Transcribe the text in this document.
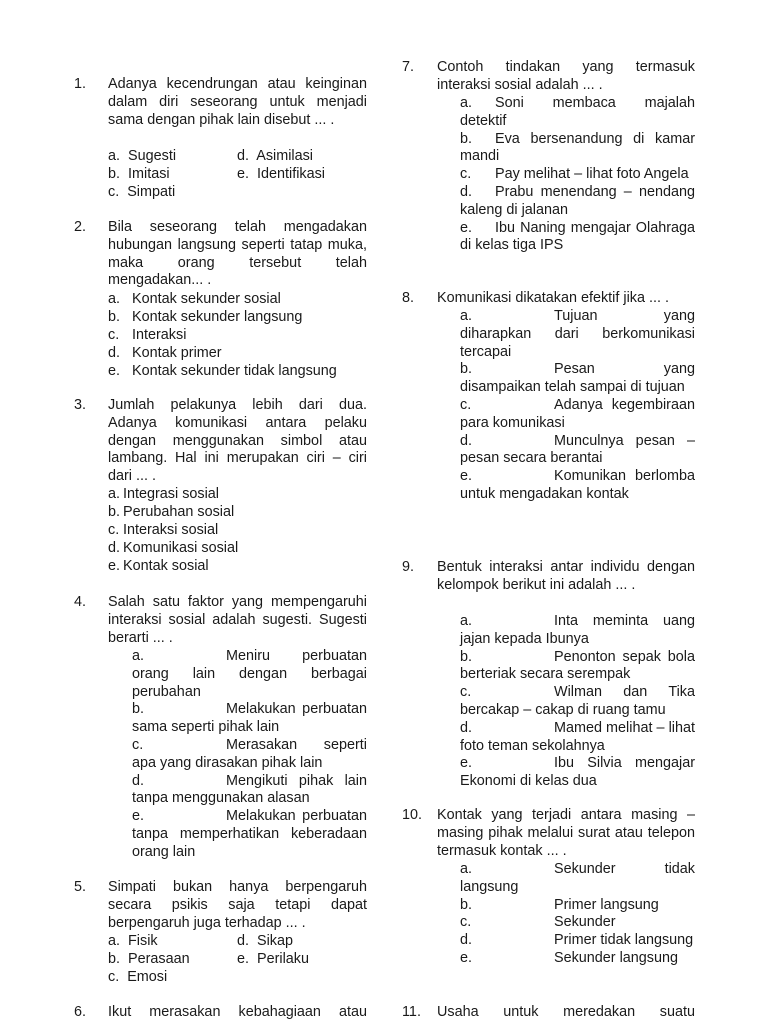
1. Adanya kecendrungan atau keinginan dalam diri seseorang untuk menjadi sama dengan pihak lain disebut ... .
a. Sugesti
b. Imitasi
c. Simpati
d. Asimilasi
e. Identifikasi
2. Bila seseorang telah mengadakan hubungan langsung seperti tatap muka, maka orang tersebut telah mengadakan... .
a. Kontak sekunder sosial
b. Kontak sekunder langsung
c. Interaksi
d. Kontak primer
e. Kontak sekunder tidak langsung
3. Jumlah pelakunya lebih dari dua. Adanya komunikasi antara pelaku dengan menggunakan simbol atau lambang. Hal ini merupakan ciri – ciri dari ... .
a. Integrasi sosial
b. Perubahan sosial
c. Interaksi sosial
d. Komunikasi sosial
e. Kontak sosial
4. Salah satu faktor yang mempengaruhi interaksi sosial adalah sugesti. Sugesti berarti ... .
a.	Meniru perbuatan orang lain dengan berbagai perubahan
b.	Melakukan perbuatan sama seperti pihak lain
c.	Merasakan seperti apa yang dirasakan pihak lain
d.	Mengikuti pihak lain tanpa menggunakan alasan
e.	Melakukan perbuatan tanpa memperhatikan keberadaan orang lain
5. Simpati bukan hanya berpengaruh secara psikis saja tetapi dapat berpengaruh juga terhadap ... .
a. Fisik
b. Perasaan
c. Emosi
d. Sikap
e. Perilaku
6. Ikut merasakan kebahagiaan atau
7. Contoh tindakan yang termasuk interaksi sosial adalah ... .
a. Soni membaca majalah detektif
b. Eva bersenandung di kamar mandi
c. Pay melihat – lihat foto Angela
d. Prabu menendang – nendang kaleng di jalanan
e. Ibu Naning mengajar Olahraga di kelas tiga IPS
8. Komunikasi dikatakan efektif jika ... .
a.	Tujuan yang diharapkan dari berkomunikasi tercapai
b.	Pesan yang disampaikan telah sampai di tujuan
c.	Adanya kegembiraan para komunikasi
d.	Munculnya pesan – pesan secara berantai
e.	Komunikan berlomba untuk mengadakan kontak
9. Bentuk interaksi antar individu dengan kelompok berikut ini adalah ... .
a.	Inta meminta uang jajan kepada Ibunya
b.	Penonton sepak bola berteriak secara serempak
c.	Wilman dan Tika bercakap – cakap di ruang tamu
d.	Mamed melihat – lihat foto teman sekolahnya
e.	Ibu Silvia mengajar Ekonomi di kelas dua
10. Kontak yang terjadi antara masing – masing pihak melalui surat atau telepon termasuk kontak ... .
a.	Sekunder tidak langsung
b.	Primer langsung
c.	Sekunder
d.	Primer tidak langsung
e.	Sekunder langsung
11. Usaha untuk meredakan suatu
